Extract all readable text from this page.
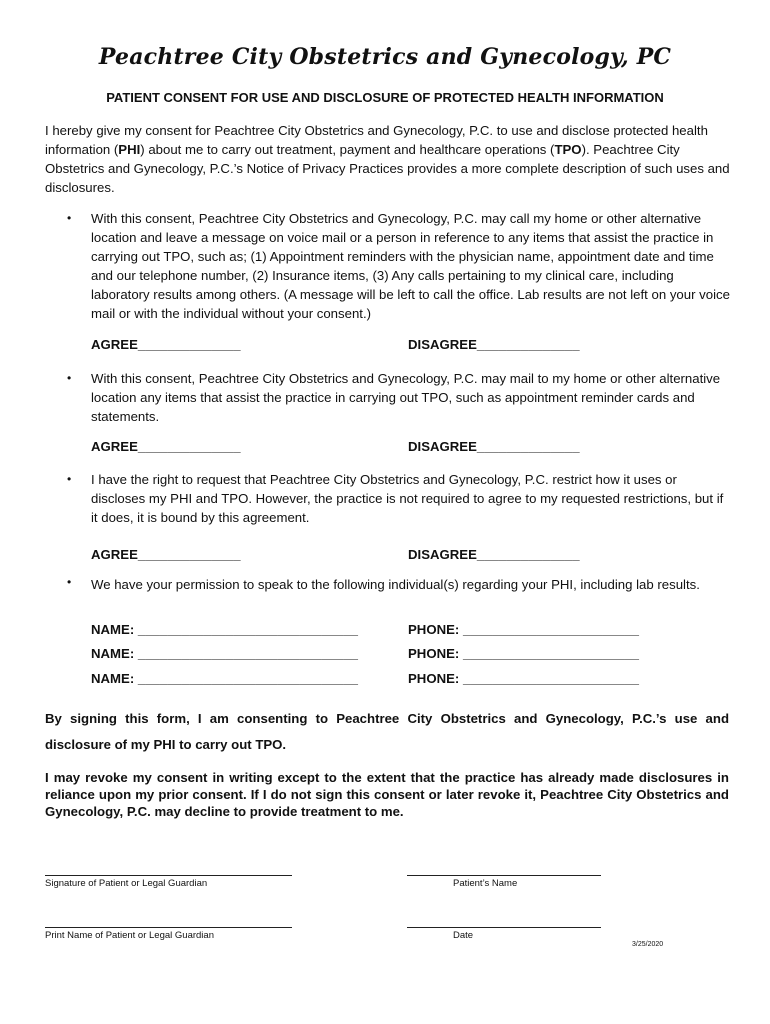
Peachtree City Obstetrics and Gynecology, PC
PATIENT CONSENT FOR USE AND DISCLOSURE OF PROTECTED HEALTH INFORMATION
I hereby give my consent for Peachtree City Obstetrics and Gynecology, P.C. to use and disclose protected health information (PHI) about me to carry out treatment, payment and healthcare operations (TPO). Peachtree City Obstetrics and Gynecology, P.C.’s Notice of Privacy Practices provides a more complete description of such uses and disclosures.
• With this consent, Peachtree City Obstetrics and Gynecology, P.C. may call my home or other alternative location and leave a message on voice mail or a person in reference to any items that assist the practice in carrying out TPO, such as; (1) Appointment reminders with the physician name, appointment date and time and our telephone number, (2) Insurance items, (3) Any calls pertaining to my clinical care, including laboratory results among others. (A message will be left to call the office. Lab results are not left on your voice mail or with the individual without your consent.)
AGREE______________	DISAGREE______________
• With this consent, Peachtree City Obstetrics and Gynecology, P.C. may mail to my home or other alternative location any items that assist the practice in carrying out TPO, such as appointment reminder cards and statements.
AGREE______________	DISAGREE______________
• I have the right to request that Peachtree City Obstetrics and Gynecology, P.C. restrict how it uses or discloses my PHI and TPO. However, the practice is not required to agree to my requested restrictions, but if it does, it is bound by this agreement.
AGREE______________	DISAGREE______________
• We have your permission to speak to the following individual(s) regarding your PHI, including lab results.
NAME: ______________________________	PHONE: ________________________
NAME: ______________________________	PHONE: ________________________
NAME: ______________________________	PHONE: ________________________
By signing this form, I am consenting to Peachtree City Obstetrics and Gynecology, P.C.’s use and disclosure of my PHI to carry out TPO.
I may revoke my consent in writing except to the extent that the practice has already made disclosures in reliance upon my prior consent. If I do not sign this consent or later revoke it, Peachtree City Obstetrics and Gynecology, P.C. may decline to provide treatment to me.
Signature of Patient or Legal Guardian	Patient’s Name
Print Name of Patient or Legal Guardian	Date
3/25/2020
